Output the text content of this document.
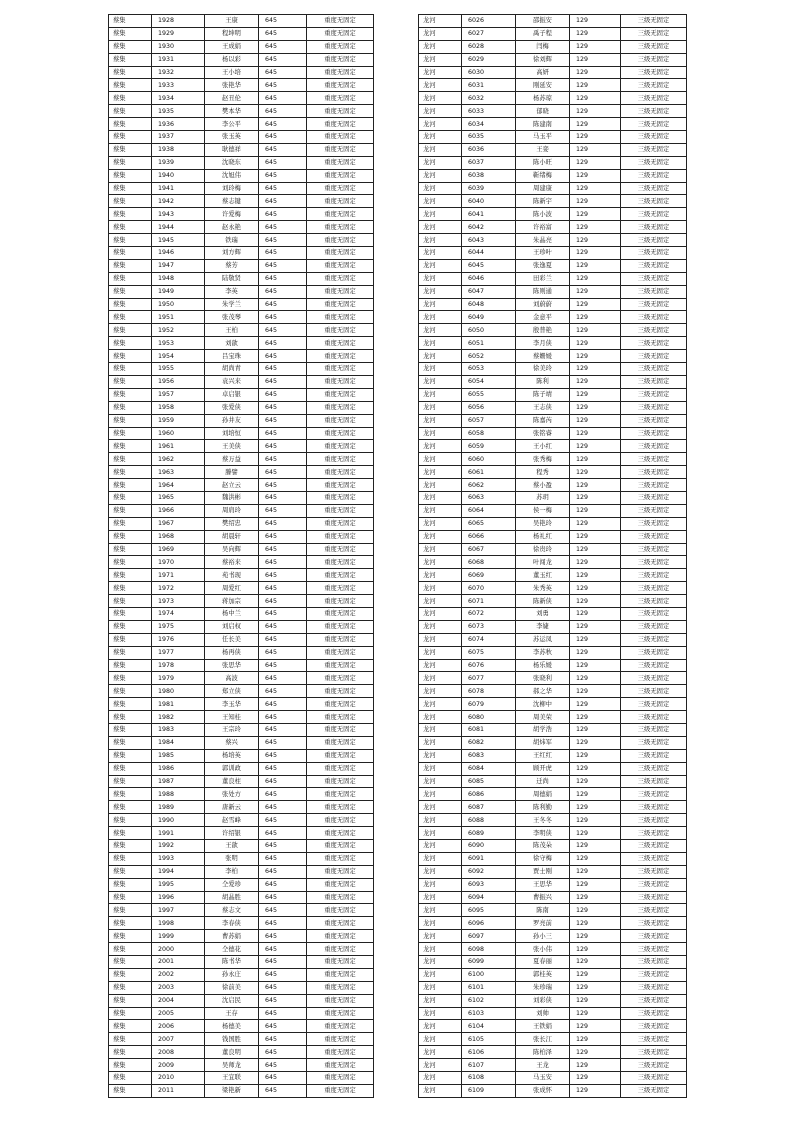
蔡集	1928	王康	645	重度无固定
蔡集	1929	程坤明	645	重度无固定
蔡集	1930	王成娟	645	重度无固定
蔡集	1931	杨以彩	645	重度无固定
蔡集	1932	王小培	645	重度无固定
蔡集	1933	张艳华	645	重度无固定
蔡集	1934	赵丑伦	645	重度无固定
蔡集	1935	樊本华	645	重度无固定
蔡集	1936	李公平	645	重度无固定
蔡集	1937	张玉英	645	重度无固定
蔡集	1938	耿德祥	645	重度无固定
蔡集	1939	沈晓东	645	重度无固定
蔡集	1940	沈旭伟	645	重度无固定
蔡集	1941	刘玲梅	645	重度无固定
蔡集	1942	蔡志键	645	重度无固定
蔡集	1943	许爱梅	645	重度无固定
蔡集	1944	赵永艳	645	重度无固定
蔡集	1945	铁瑞	645	重度无固定
蔡集	1946	刘方辉	645	重度无固定
蔡集	1947	蔡芳	645	重度无固定
蔡集	1948	陆敬贤	645	重度无固定
蔡集	1949	李英	645	重度无固定
蔡集	1950	朱学兰	645	重度无固定
蔡集	1951	张茂琴	645	重度无固定
蔡集	1952	王柏	645	重度无固定
蔡集	1953	刘歆	645	重度无固定
蔡集	1954	吕宝珠	645	重度无固定
蔡集	1955	胡尚青	645	重度无固定
蔡集	1956	袁兴来	645	重度无固定
蔡集	1957	卓启银	645	重度无固定
蔡集	1958	张爱侠	645	重度无固定
蔡集	1959	孙井友	645	重度无固定
蔡集	1960	刘培恒	645	重度无固定
蔡集	1961	王美侠	645	重度无固定
蔡集	1962	蔡万益	645	重度无固定
蔡集	1963	滕譬	645	重度无固定
蔡集	1964	赵立云	645	重度无固定
蔡集	1965	魏洪彬	645	重度无固定
蔡集	1966	周肩玲	645	重度无固定
蔡集	1967	樊绍忠	645	重度无固定
蔡集	1968	胡晨轩	645	重度无固定
蔡集	1969	吴向辉	645	重度无固定
蔡集	1970	蔡裕来	645	重度无固定
蔡集	1971	苑书现	645	重度无固定
蔡集	1972	周爱红	645	重度无固定
蔡集	1973	蒋加宗	645	重度无固定
蔡集	1974	杨中兰	645	重度无固定
蔡集	1975	刘启权	645	重度无固定
蔡集	1976	任长美	645	重度无固定
蔡集	1977	杨再侠	645	重度无固定
蔡集	1978	张思华	645	重度无固定
蔡集	1979	高波	645	重度无固定
蔡集	1980	郑立侠	645	重度无固定
蔡集	1981	李玉华	645	重度无固定
蔡集	1982	王知桂	645	重度无固定
蔡集	1983	王宗玲	645	重度无固定
蔡集	1984	蔡兴	645	重度无固定
蔡集	1985	杨培英	645	重度无固定
蔡集	1986	郭训政	645	重度无固定
蔡集	1987	董良柱	645	重度无固定
蔡集	1988	张处方	645	重度无固定
蔡集	1989	唐新云	645	重度无固定
蔡集	1990	赵雪峰	645	重度无固定
蔡集	1991	许绍银	645	重度无固定
蔡集	1992	王歆	645	重度无固定
蔡集	1993	张明	645	重度无固定
蔡集	1994	李柏	645	重度无固定
蔡集	1995	仝爱珍	645	重度无固定
蔡集	1996	胡晶胜	645	重度无固定
蔡集	1997	蔡志文	645	重度无固定
蔡集	1998	李春侠	645	重度无固定
蔡集	1999	曹苏娟	645	重度无固定
蔡集	2000	仝德花	645	重度无固定
蔡集	2001	陈书华	645	重度无固定
蔡集	2002	孙永庄	645	重度无固定
蔡集	2003	徐前美	645	重度无固定
蔡集	2004	沈启民	645	重度无固定
蔡集	2005	王存	645	重度无固定
蔡集	2006	杨德美	645	重度无固定
蔡集	2007	钱国胜	645	重度无固定
蔡集	2008	董良明	645	重度无固定
蔡集	2009	吴师龙	645	重度无固定
蔡集	2010	王宜联	645	重度无固定
蔡集	2011	梁艳新	645	重度无固定
龙河	6026	邵振安	129	三级无固定
龙河	6027	禹子程	129	三级无固定
龙河	6028	闫梅	129	三级无固定
龙河	6029	徐刘辉	129	三级无固定
龙河	6030	高妍	129	三级无固定
龙河	6031	刚延安	129	三级无固定
龙河	6032	杨苏琼	129	三级无固定
龙河	6033	郁晓	129	三级无固定
龙河	6034	陈建南	129	三级无固定
龙河	6035	马玉平	129	三级无固定
龙河	6036	王娈	129	三级无固定
龙河	6037	陈小旺	129	三级无固定
龙河	6038	靳绪梅	129	三级无固定
龙河	6039	周建康	129	三级无固定
龙河	6040	陈新宇	129	三级无固定
龙河	6041	陈小波	129	三级无固定
龙河	6042	许裕富	129	三级无固定
龙河	6043	朱晶亮	129	三级无固定
龙河	6044	王珍叶	129	三级无固定
龙河	6045	张逸夏	129	三级无固定
龙河	6046	田彩兰	129	三级无固定
龙河	6047	陈则通	129	三级无固定
龙河	6048	刘蔚蔚	129	三级无固定
龙河	6049	金意平	129	三级无固定
龙河	6050	殷普艳	129	三级无固定
龙河	6051	李月侠	129	三级无固定
龙河	6052	蔡姗媛	129	三级无固定
龙河	6053	徐美玲	129	三级无固定
龙河	6054	陈利	129	三级无固定
龙河	6055	陈子靖	129	三级无固定
龙河	6056	王志侠	129	三级无固定
龙河	6057	陈嘉芮	129	三级无固定
龙河	6058	张铭睿	129	三级无固定
龙河	6059	王小红	129	三级无固定
龙河	6060	张秀梅	129	三级无固定
龙河	6061	程秀	129	三级无固定
龙河	6062	蔡小盈	129	三级无固定
龙河	6063	苏玥	129	三级无固定
龙河	6064	侯一梅	129	三级无固定
龙河	6065	吴艳玲	129	三级无固定
龙河	6066	杨礼红	129	三级无固定
龙河	6067	徐贵玲	129	三级无固定
龙河	6068	叶闯龙	129	三级无固定
龙河	6069	董玉红	129	三级无固定
龙河	6070	朱秀英	129	三级无固定
龙河	6071	陈新侠	129	三级无固定
龙河	6072	刘勇	129	三级无固定
龙河	6073	李婕	129	三级无固定
龙河	6074	苏运凤	129	三级无固定
龙河	6075	李苏秋	129	三级无固定
龙河	6076	杨乐媛	129	三级无固定
龙河	6077	张晓利	129	三级无固定
龙河	6078	郝之华	129	三级无固定
龙河	6079	沈柳中	129	三级无固定
龙河	6080	周美荣	129	三级无固定
龙河	6081	胡学浩	129	三级无固定
龙河	6082	胡炜军	129	三级无固定
龙河	6083	王红红	129	三级无固定
龙河	6084	顾开虎	129	三级无固定
龙河	6085	迁尚	129	三级无固定
龙河	6086	周德娟	129	三级无固定
龙河	6087	陈利勤	129	三级无固定
龙河	6088	王冬冬	129	三级无固定
龙河	6089	李明侠	129	三级无固定
龙河	6090	陈茂朵	129	三级无固定
龙河	6091	徐守梅	129	三级无固定
龙河	6092	贾士刚	129	三级无固定
龙河	6093	王思华	129	三级无固定
龙河	6094	曹振兴	129	三级无固定
龙河	6095	陈南	129	三级无固定
龙河	6096	罗亮前	129	三级无固定
龙河	6097	孙小三	129	三级无固定
龙河	6098	张小伟	129	三级无固定
龙河	6099	夏春丽	129	三级无固定
龙河	6100	郭桂英	129	三级无固定
龙河	6101	朱珍瑞	129	三级无固定
龙河	6102	刘彩侠	129	三级无固定
龙河	6103	刘帅	129	三级无固定
龙河	6104	王铁娟	129	三级无固定
龙河	6105	张长江	129	三级无固定
龙河	6106	陈柏泽	129	三级无固定
龙河	6107	王龙	129	三级无固定
龙河	6108	马玉安	129	三级无固定
龙河	6109	张成怀	129	三级无固定
